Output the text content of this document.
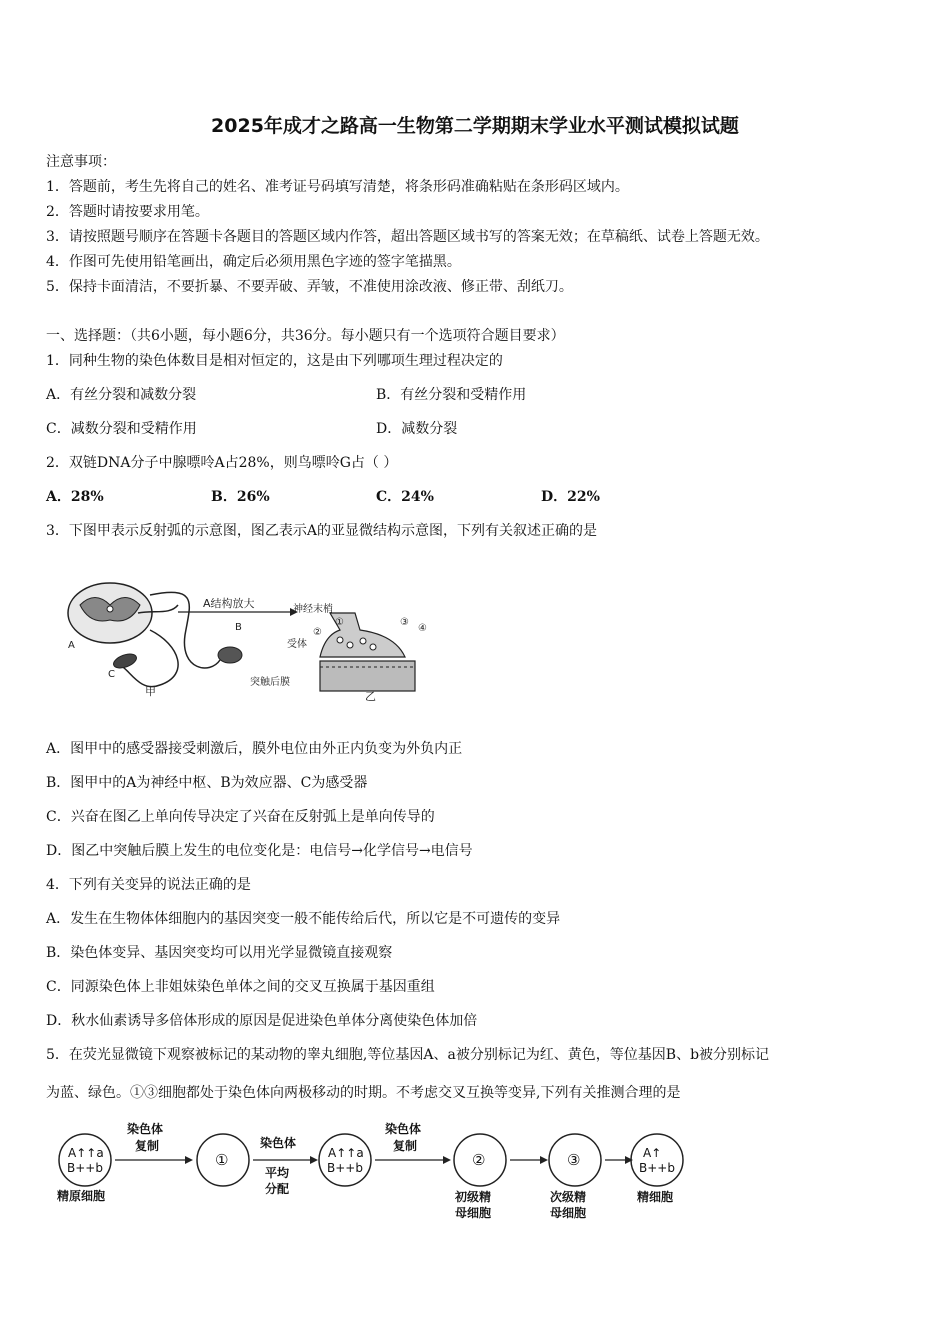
2025年成才之路高一生物第二学期期末学业水平测试模拟试题
注意事项：
1．答题前，考生先将自己的姓名、准考证号码填写清楚，将条形码准确粘贴在条形码区域内。
2．答题时请按要求用笔。
3．请按照题号顺序在答题卡各题目的答题区域内作答，超出答题区域书写的答案无效；在草稿纸、试卷上答题无效。
4．作图可先使用铅笔画出，确定后必须用黑色字迹的签字笔描黑。
5．保持卡面清洁，不要折暴、不要弄破、弄皱，不准使用涂改液、修正带、刮纸刀。
一、选择题：（共6小题，每小题6分，共36分。每小题只有一个选项符合题目要求）
1．同种生物的染色体数目是相对恒定的，这是由下列哪项生理过程决定的
A．有丝分裂和减数分裂	B．有丝分裂和受精作用
C．减数分裂和受精作用	D．减数分裂
2．双链DNA分子中腺嘌呤A占28%，则鸟嘌呤G占（ ）
A．28%	B．26%	C．24%	D．22%
3．下图甲表示反射弧的示意图，图乙表示A的亚显微结构示意图，下列有关叙述正确的是
A结构放大
A
B
C
甲
神经末梢
受体
突触后膜
①
②
③
④
乙
A．图甲中的感受器接受刺激后，膜外电位由外正内负变为外负内正
B．图甲中的A为神经中枢、B为效应器、C为感受器
C．兴奋在图乙上单向传导决定了兴奋在反射弧上是单向传导的
D．图乙中突触后膜上发生的电位变化是：电信号→化学信号→电信号
4．下列有关变异的说法正确的是
A．发生在生物体体细胞内的基因突变一般不能传给后代，所以它是不可遗传的变异
B．染色体变异、基因突变均可以用光学显微镜直接观察
C．同源染色体上非姐妹染色单体之间的交叉互换属于基因重组
D．秋水仙素诱导多倍体形成的原因是促进染色单体分离使染色体加倍
5．在荧光显微镜下观察被标记的某动物的睾丸细胞,等位基因A、a被分别标记为红、黄色，等位基因B、b被分别标记
为蓝、绿色。①③细胞都处于染色体向两极移动的时期。不考虑交叉互换等变异,下列有关推测合理的是
A↑↑a
B++b
精原细胞
染色体
复制
①
染色体
平均
分配
A↑↑a
B++b
染色体
复制
②
初级精
母细胞
③
次级精
母细胞
A↑
B++b
精细胞
